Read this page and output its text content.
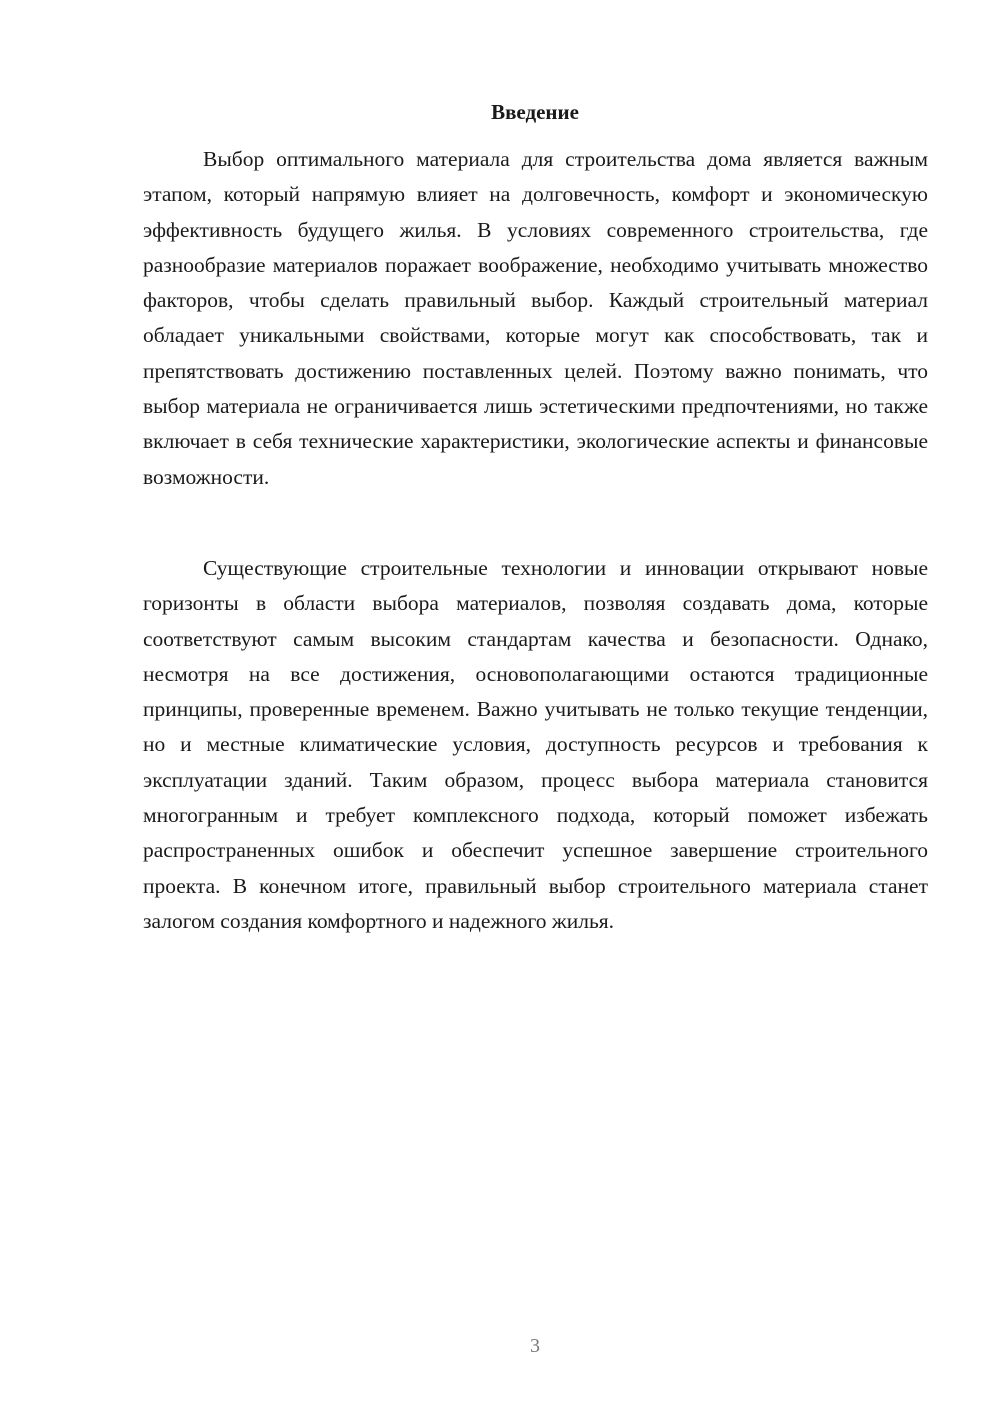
Введение

Выбор оптимального материала для строительства дома является важным этапом, который напрямую влияет на долговечность, комфорт и экономическую эффективность будущего жилья. В условиях современного строительства, где разнообразие материалов поражает воображение, необходимо учитывать множество факторов, чтобы сделать правильный выбор. Каждый строительный материал обладает уникальными свойствами, которые могут как способствовать, так и препятствовать достижению поставленных целей. Поэтому важно понимать, что выбор материала не ограничивается лишь эстетическими предпочтениями, но также включает в себя технические характеристики, экологические аспекты и финансовые возможности.

Существующие строительные технологии и инновации открывают новые горизонты в области выбора материалов, позволяя создавать дома, которые соответствуют самым высоким стандартам качества и безопасности. Однако, несмотря на все достижения, основополагающими остаются традиционные принципы, проверенные временем. Важно учитывать не только текущие тенденции, но и местные климатические условия, доступность ресурсов и требования к эксплуатации зданий. Таким образом, процесс выбора материала становится многогранным и требует комплексного подхода, который поможет избежать распространенных ошибок и обеспечит успешное завершение строительного проекта. В конечном итоге, правильный выбор строительного материала станет залогом создания комфортного и надежного жилья.

3
